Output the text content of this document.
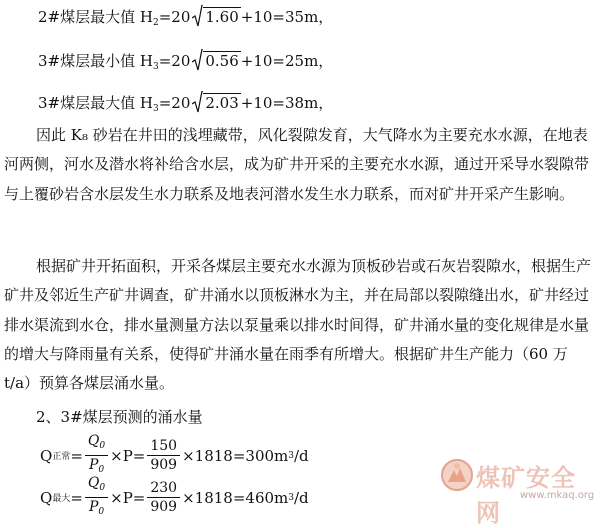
2#煤层最大值 $H_2=20$ 1.60 +10=35m，
3#煤层最小值 $H_3=20$ 0.56 +10=25m，
3#煤层最大值 $H_3=20$ 2.03 +10=38m，
因此 K₈ 砂岩在井田的浅埋藏带，风化裂隙发育，大气降水为主要充水水源，在地表河两侧，河水及潜水将补给含水层，成为矿井开采的主要充水水源，通过开采导水裂隙带与上覆砂岩含水层发生水力联系及地表河潜水发生水力联系，而对矿井开采产生影响。
根据矿井开拓面积，开采各煤层主要充水水源为顶板砂岩或石灰岩裂隙水，根据生产矿井及邻近生产矿井调查，矿井涌水以顶板淋水为主，并在局部以裂隙缝出水，矿井经过排水渠流到水仓，排水量测量方法以泵量乘以排水时间得，矿井涌水量的变化规律是水量的增大与降雨量有关系，使得矿井涌水量在雨季有所增大。根据矿井生产能力（60 万 t/a）预算各煤层涌水量。
2、3#煤层预测的涌水量
Q 正常 = $\frac{Q_0}{P_0} \times P= \frac{150}{909} \times 1818=300m$ 3 /d
Q 最大 = $\frac{Q_0}{P_0} \times P= \frac{230}{909} \times 1818=460m$ 3 /d
煤矿安全网
www.mkaq.org
